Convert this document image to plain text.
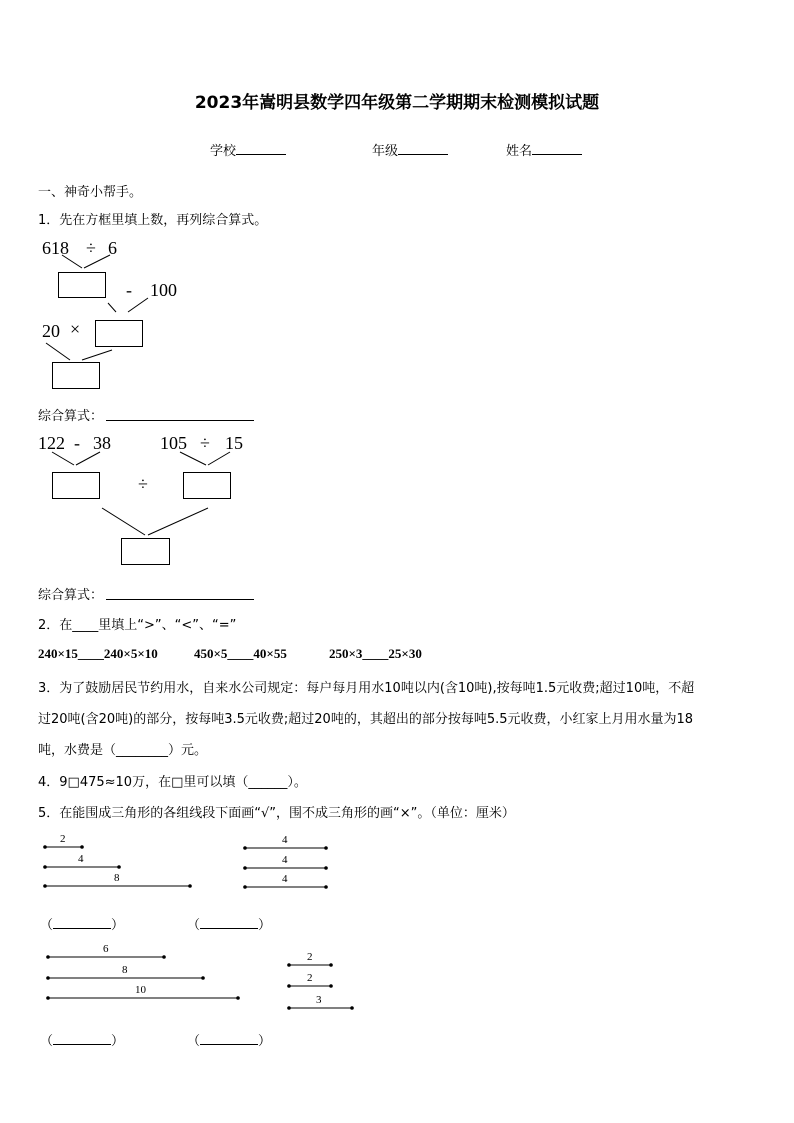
2023年嵩明县数学四年级第二学期期末检测模拟试题
学校	年级	姓名
一、神奇小帮手。
1．先在方框里填上数，再列综合算式。
618 ÷ 6
- 100
20 ×
综合算式：
122 - 38	105 ÷ 15
÷
综合算式：
2．在____里填上“>”、“<”、“=”
240×15____240×5×10	450×5____40×55	250×3____25×30
3．为了鼓励居民节约用水，自来水公司规定：每户每月用水10吨以内(含10吨),按每吨1.5元收费;超过10吨，不超
过20吨(含20吨)的部分，按每吨3.5元收费;超过20吨的，其超出的部分按每吨5.5元收费，小红家上月用水量为18
吨，水费是（________）元。
4．9□475≈10万，在□里可以填（______）。
5．在能围成三角形的各组线段下面画“√”，围不成三角形的画“×”。（单位：厘米）
2
4
8
4
4
4
6
8
10
2
2
3
（	）	（	）
（	）	（	）
